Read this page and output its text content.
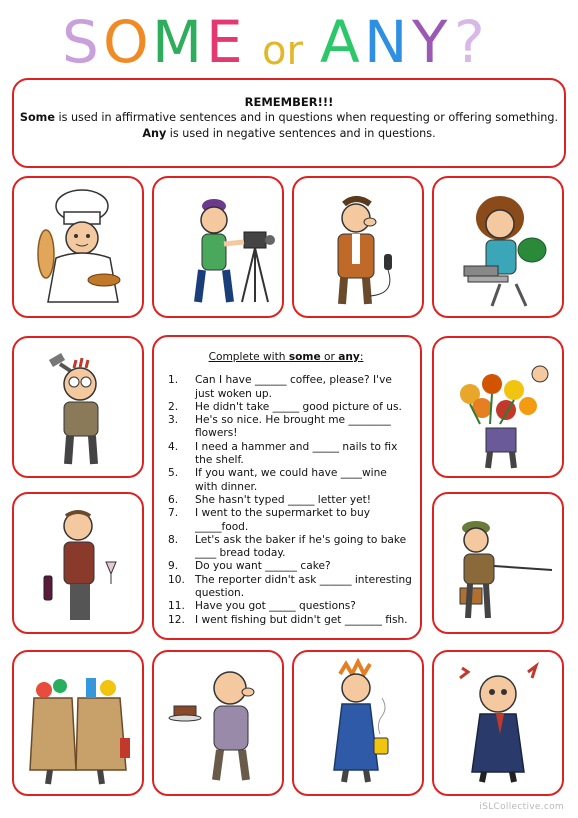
S O M E or A N Y ?
REMEMBER!!!
Some is used in affirmative sentences and in questions when requesting or offering something.
Any is used in negative sentences and in questions.
Complete with some or any:
1.	Can I have ______ coffee, please? I've just woken up.
2.	He didn't take _____ good picture of us.
3.	He's so nice. He brought me ________ flowers!
4.	I need a hammer and _____ nails to fix the shelf.
5.	If you want, we could have ____wine with dinner.
6.	She hasn't typed _____ letter yet!
7.	I went to the supermarket to buy _____food.
8.	Let's ask the baker if he's going to bake ____ bread today.
9.	Do you want ______ cake?
10. The reporter didn't ask ______ interesting question.
11. Have you got _____ questions?
12. I went fishing but didn't get _______ fish.
iSLCollective.com
